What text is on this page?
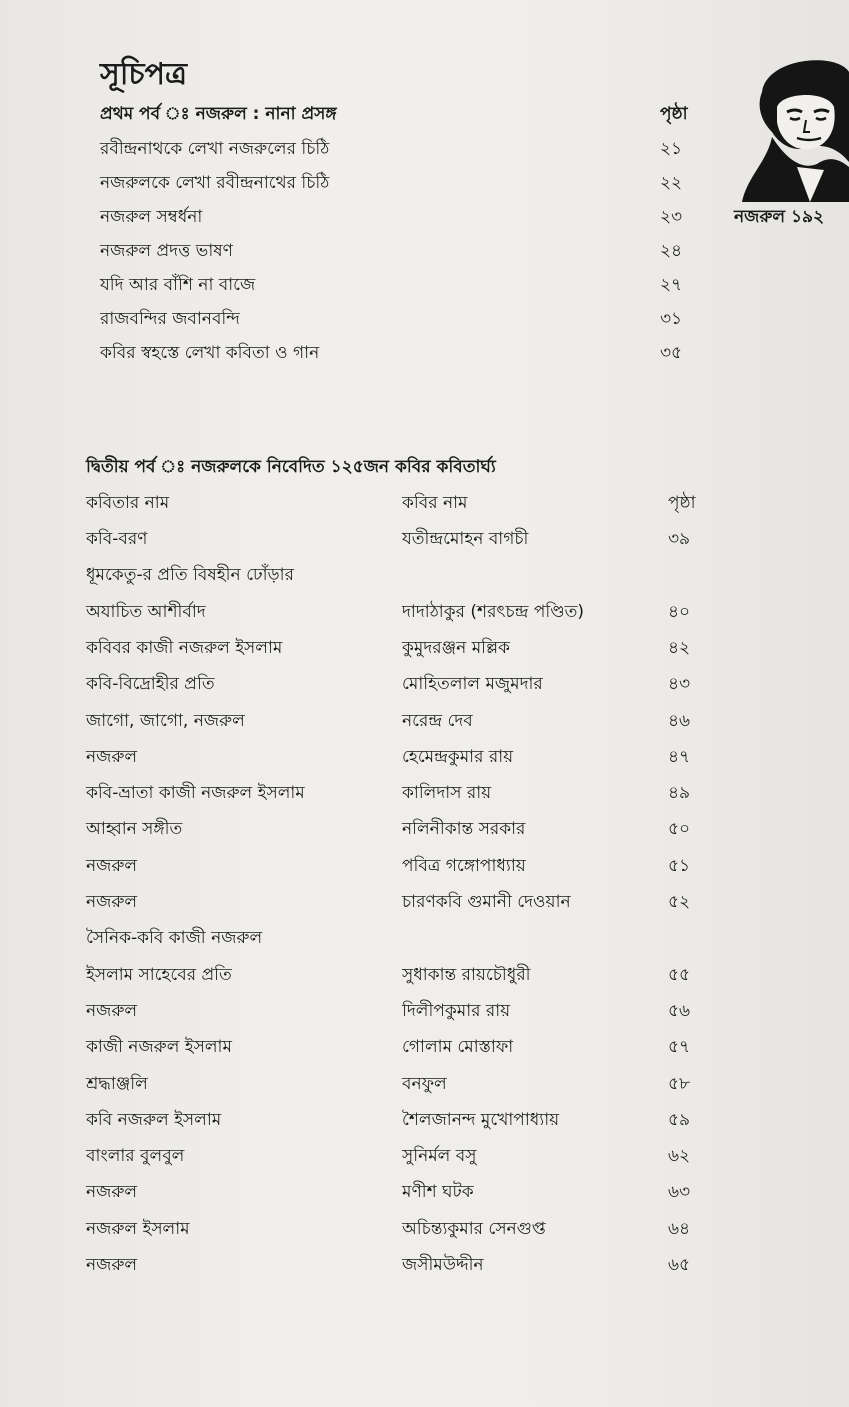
সূচিপত্র
নজরুল ১৯২
প্রথম পর্ব ঃ নজরুল : নানা প্রসঙ্গ	পৃষ্ঠা
রবীন্দ্রনাথকে লেখা নজরুলের চিঠি	২১
নজরুলকে লেখা রবীন্দ্রনাথের চিঠি	২২
নজরুল সম্বর্ধনা	২৩
নজরুল প্রদত্ত ভাষণ	২৪
যদি আর বাঁশি না বাজে	২৭
রাজবন্দির জবানবন্দি	৩১
কবির স্বহস্তে লেখা কবিতা ও গান	৩৫
দ্বিতীয় পর্ব ঃ নজরুলকে নিবেদিত ১২৫জন কবির কবিতার্ঘ্য
কবিতার নাম	কবির নাম	পৃষ্ঠা
কবি-বরণ	যতীন্দ্রমোহন বাগচী	৩৯
ধূমকেতু-র প্রতি বিষহীন ঢোঁড়ার
অযাচিত আশীর্বাদ	দাদাঠাকুর (শরৎচন্দ্র পণ্ডিত)	৪০
কবিবর কাজী নজরুল ইসলাম	কুমুদরঞ্জন মল্লিক	৪২
কবি-বিদ্রোহীর প্রতি	মোহিতলাল মজুমদার	৪৩
জাগো, জাগো, নজরুল	নরেন্দ্র দেব	৪৬
নজরুল	হেমেন্দ্রকুমার রায়	৪৭
কবি-ভ্রাতা কাজী নজরুল ইসলাম	কালিদাস রায়	৪৯
আহ্বান সঙ্গীত	নলিনীকান্ত সরকার	৫০
নজরুল	পবিত্র গঙ্গোপাধ্যায়	৫১
নজরুল	চারণকবি গুমানী দেওয়ান	৫২
সৈনিক-কবি কাজী নজরুল
ইসলাম সাহেবের প্রতি	সুধাকান্ত রায়চৌধুরী	৫৫
নজরুল	দিলীপকুমার রায়	৫৬
কাজী নজরুল ইসলাম	গোলাম মোস্তাফা	৫৭
শ্রদ্ধাঞ্জলি	বনফুল	৫৮
কবি নজরুল ইসলাম	শৈলজানন্দ মুখোপাধ্যায়	৫৯
বাংলার বুলবুল	সুনির্মল বসু	৬২
নজরুল	মণীশ ঘটক	৬৩
নজরুল ইসলাম	অচিন্ত্যকুমার সেনগুপ্ত	৬৪
নজরুল	জসীমউদ্দীন	৬৫
